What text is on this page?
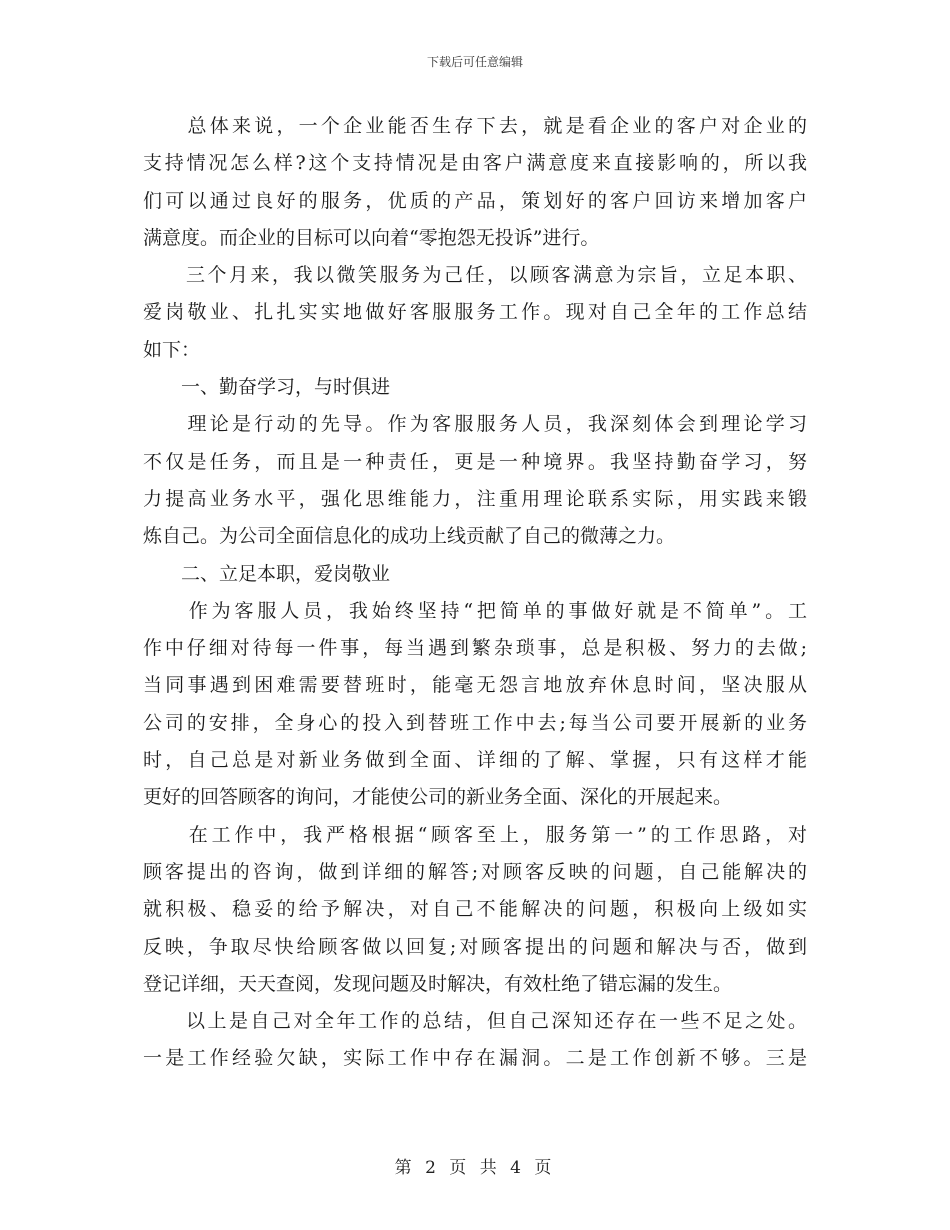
下载后可任意编辑
　　总体来说，一个企业能否生存下去，就是看企业的客户对企业的
支持情况怎么样?这个支持情况是由客户满意度来直接影响的，所以我
们可以通过良好的服务，优质的产品，策划好的客户回访来增加客户
满意度。而企业的目标可以向着“零抱怨无投诉”进行。
　　三个月来，我以微笑服务为己任，以顾客满意为宗旨，立足本职、
爱岗敬业、扎扎实实地做好客服服务工作。现对自己全年的工作总结
如下：
　　一、勤奋学习，与时俱进
　　理论是行动的先导。作为客服服务人员，我深刻体会到理论学习
不仅是任务，而且是一种责任，更是一种境界。我坚持勤奋学习，努
力提高业务水平，强化思维能力，注重用理论联系实际，用实践来锻
炼自己。为公司全面信息化的成功上线贡献了自己的微薄之力。
　　二、立足本职，爱岗敬业
　　作为客服人员，我始终坚持“把简单的事做好就是不简单”。工
作中仔细对待每一件事，每当遇到繁杂琐事，总是积极、努力的去做;
当同事遇到困难需要替班时，能毫无怨言地放弃休息时间，坚决服从
公司的安排，全身心的投入到替班工作中去;每当公司要开展新的业务
时，自己总是对新业务做到全面、详细的了解、掌握，只有这样才能
更好的回答顾客的询问，才能使公司的新业务全面、深化的开展起来。
　　在工作中，我严格根据“顾客至上，服务第一”的工作思路，对
顾客提出的咨询，做到详细的解答;对顾客反映的问题，自己能解决的
就积极、稳妥的给予解决，对自己不能解决的问题，积极向上级如实
反映，争取尽快给顾客做以回复;对顾客提出的问题和解决与否，做到
登记详细，天天查阅，发现问题及时解决，有效杜绝了错忘漏的发生。
　　以上是自己对全年工作的总结，但自己深知还存在一些不足之处。
一是工作经验欠缺，实际工作中存在漏洞。二是工作创新不够。三是
第 2 页 共 4 页
